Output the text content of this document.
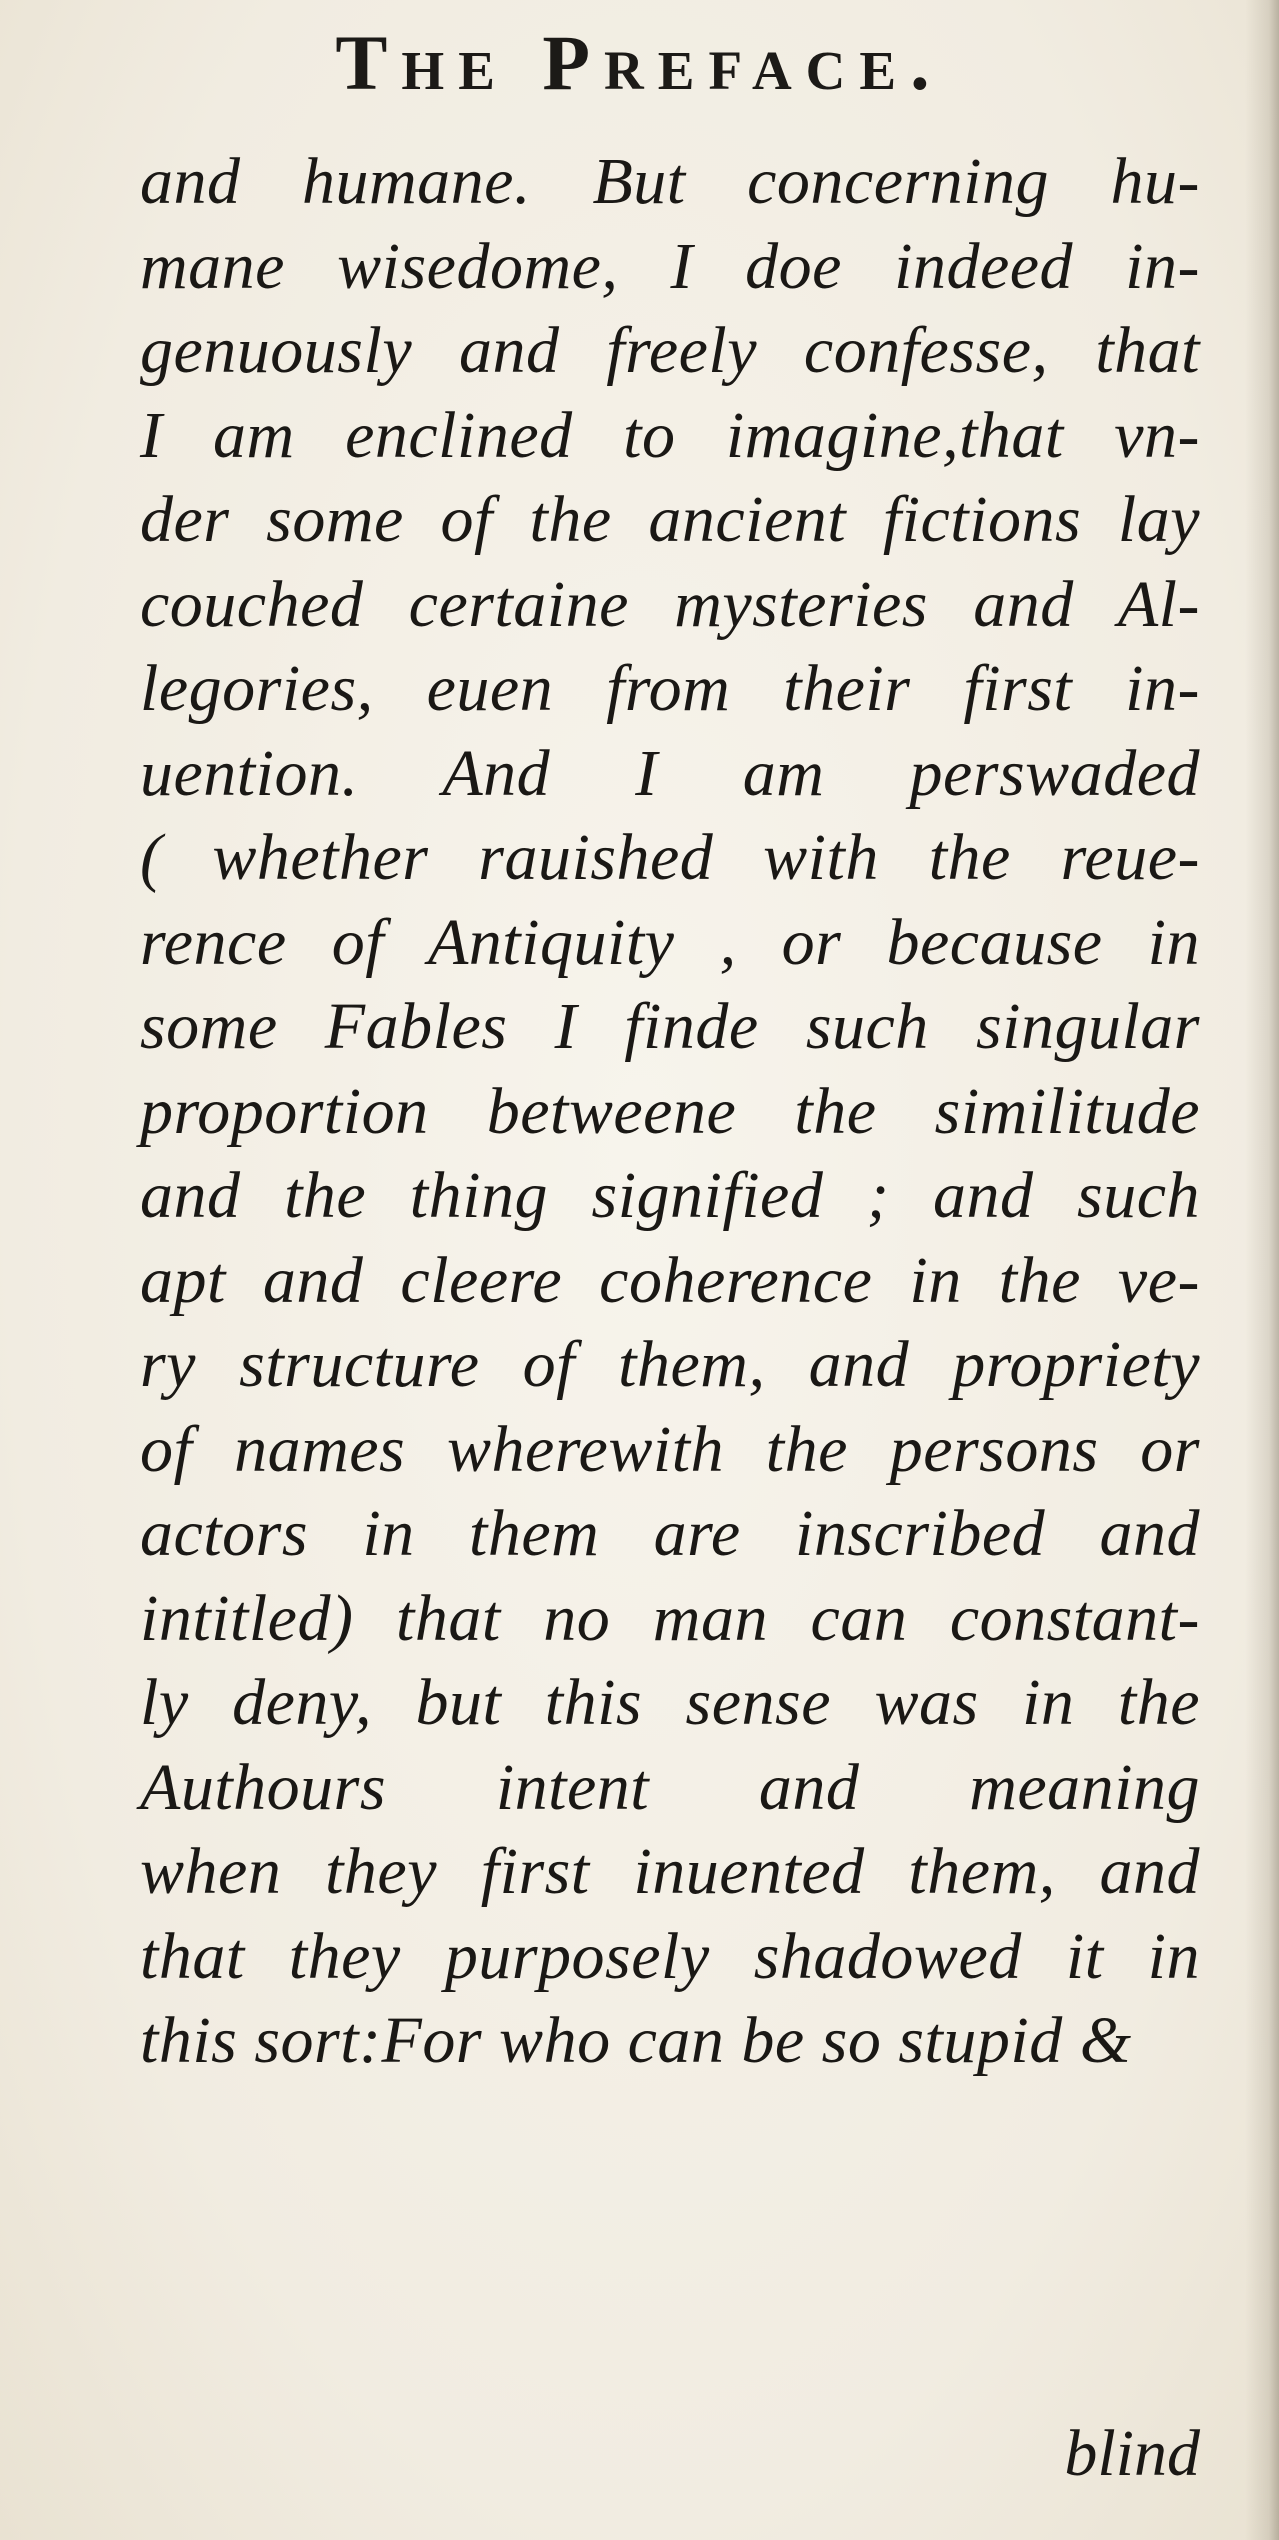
The Preface.
and humane. But concerning hu-
mane wisedome, I doe indeed in-
genuously and freely confesse, that
I am enclined to imagine,that vn-
der some of the ancient fictions lay
couched certaine mysteries and Al-
legories, euen from their first in-
uention. And I am perswaded
( whether rauished with the reue-
rence of Antiquity , or because in
some Fables I finde such singular
proportion betweene the similitude
and the thing signified ; and such
apt and cleere coherence in the ve-
ry structure of them, and propriety
of names wherewith the persons or
actors in them are inscribed and
intitled) that no man can constant-
ly deny, but this sense was in the
Authours intent and meaning
when they first inuented them, and
that they purposely shadowed it in
this sort:For who can be so stupid &
blind
